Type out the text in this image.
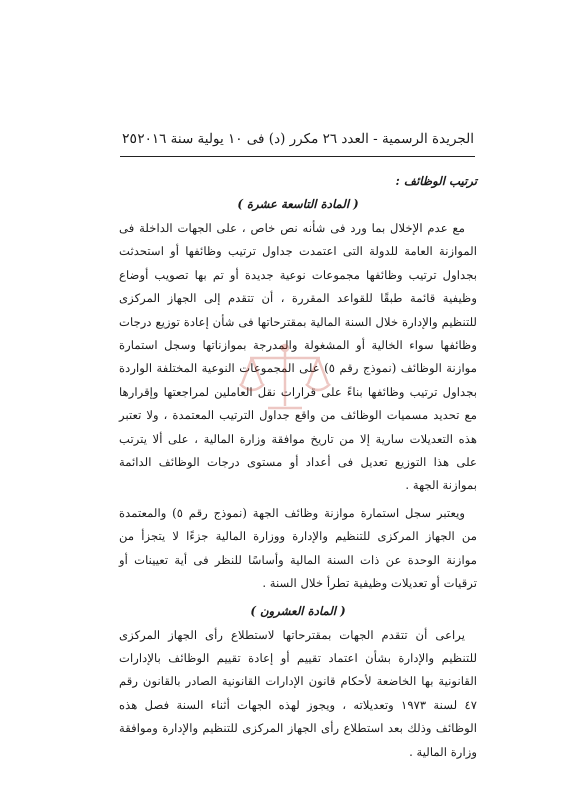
الجريدة الرسمية - العدد ٢٦ مكرر (د) فى ١٠ يولية سنة ٢٠١٦
٢٥

ترتيب الوظائف :

( المادة التاسعة عشرة )

مع عدم الإخلال بما ورد فى شأنه نص خاص ، على الجهات الداخلة فى الموازنة العامة للدولة التى اعتمدت جداول ترتيب وظائفها أو استحدثت بجداول ترتيب وظائفها مجموعات نوعية جديدة أو تم بها تصويب أوضاع وظيفية قائمة طبقًا للقواعد المقررة ، أن تتقدم إلى الجهاز المركزى للتنظيم والإدارة خلال السنة المالية بمقترحاتها فى شأن إعادة توزيع درجات وظائفها سواء الخالية أو المشغولة والمدرجة بموازناتها وسجل استمارة موازنة الوظائف (نموذج رقم ٥) على المجموعات النوعية المختلفة الواردة بجداول ترتيب وظائفها بناءً على قرارات نقل العاملين لمراجعتها وإقرارها مع تحديد مسميات الوظائف من واقع جداول الترتيب المعتمدة ، ولا تعتبر هذه التعديلات سارية إلا من تاريخ موافقة وزارة المالية ، على ألا يترتب على هذا التوزيع تعديل فى أعداد أو مستوى درجات الوظائف الدائمة بموازنة الجهة .

ويعتبر سجل استمارة موازنة وظائف الجهة (نموذج رقم ٥) والمعتمدة من الجهاز المركزى للتنظيم والإدارة ووزارة المالية جزءًا لا يتجزأ من موازنة الوحدة عن ذات السنة المالية وأساسًا للنظر فى أية تعيينات أو ترقيات أو تعديلات وظيفية تطرأ خلال السنة .

( المادة العشرون )

يراعى أن تتقدم الجهات بمقترحاتها لاستطلاع رأى الجهاز المركزى للتنظيم والإدارة بشأن اعتماد تقييم أو إعادة تقييم الوظائف بالإدارات القانونية بها الخاضعة لأحكام قانون الإدارات القانونية الصادر بالقانون رقم ٤٧ لسنة ١٩٧٣ وتعديلاته ، ويجوز لهذه الجهات أثناء السنة فصل هذه الوظائف وذلك بعد استطلاع رأى الجهاز المركزى للتنظيم والإدارة وموافقة وزارة المالية .
